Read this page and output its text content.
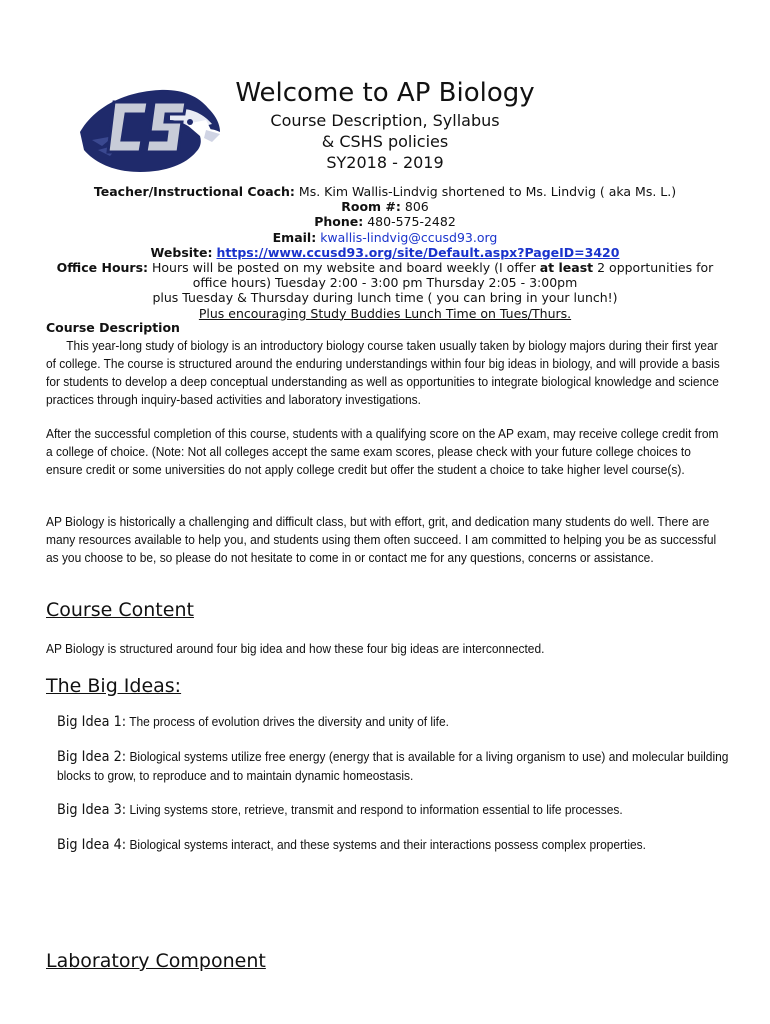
Welcome to AP Biology

Course Description, Syllabus

& CSHS policies

SY2018 - 2019

Teacher/Instructional Coach: Ms. Kim Wallis-Lindvig shortened to Ms. Lindvig ( aka Ms. L.)
Room #: 806
Phone: 480-575-2482
Email: kwallis-lindvig@ccusd93.org
Website: https://www.ccusd93.org/site/Default.aspx?PageID=3420
Office Hours: Hours will be posted on my website and board weekly (I offer at least 2 opportunities for
office hours) Tuesday 2:00 - 3:00 pm Thursday 2:05 - 3:00pm
plus Tuesday & Thursday during lunch time ( you can bring in your lunch!)
Plus encouraging Study Buddies Lunch Time on Tues/Thurs.
Course Description
This year-long study of biology is an introductory biology course taken usually taken by biology majors during their first year of college. The course is structured around the enduring understandings within four big ideas in biology, and will provide a basis for students to develop a deep conceptual understanding as well as opportunities to integrate biological knowledge and science practices through inquiry-based activities and laboratory investigations.
After the successful completion of this course, students with a qualifying score on the AP exam, may receive college credit from a college of choice. (Note: Not all colleges accept the same exam scores, please check with your future college choices to ensure credit or some universities do not apply college credit but offer the student a choice to take higher level course(s).
AP Biology is historically a challenging and difficult class, but with effort, grit, and dedication many students do well. There are many resources available to help you, and students using them often succeed. I am committed to helping you be as successful as you choose to be, so please do not hesitate to come in or contact me for any questions, concerns or assistance.
Course Content
AP Biology is structured around four big idea and how these four big ideas are interconnected.
The Big Ideas:
Big Idea 1: The process of evolution drives the diversity and unity of life.
Big Idea 2: Biological systems utilize free energy (energy that is available for a living organism to use) and molecular building blocks to grow, to reproduce and to maintain dynamic homeostasis.
Big Idea 3: Living systems store, retrieve, transmit and respond to information essential to life processes.
Big Idea 4: Biological systems interact, and these systems and their interactions possess complex properties.
Laboratory Component
